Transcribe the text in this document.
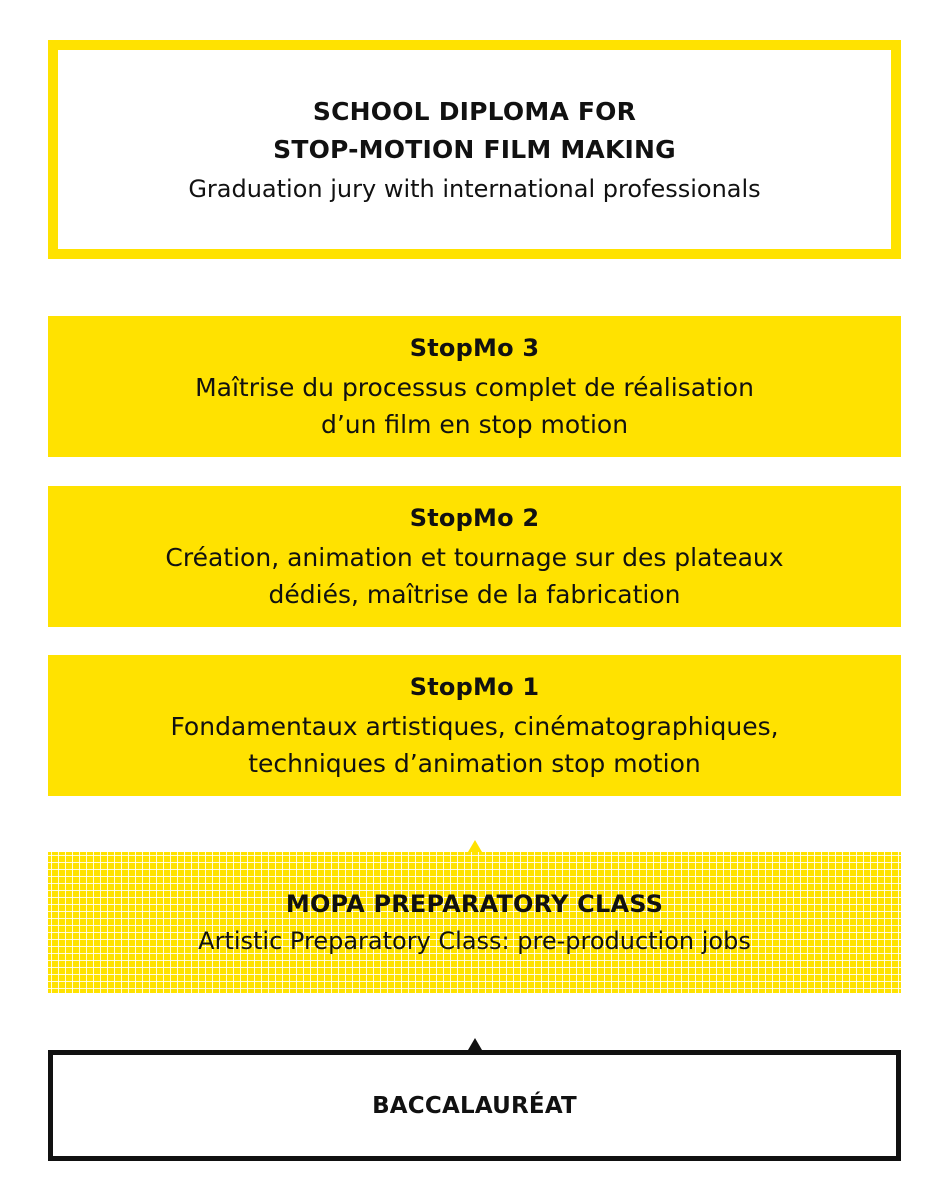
SCHOOL DIPLOMA FOR
STOP-MOTION FILM MAKING
Graduation jury with international professionals
StopMo 3
Maîtrise du processus complet de réalisation
d’un film en stop motion
StopMo 2
Création, animation et tournage sur des plateaux
dédiés, maîtrise de la fabrication
StopMo 1
Fondamentaux artistiques, cinématographiques,
techniques d’animation stop motion
MOPA PREPARATORY CLASS
Artistic Preparatory Class: pre-production jobs
BACCALAURÉAT
